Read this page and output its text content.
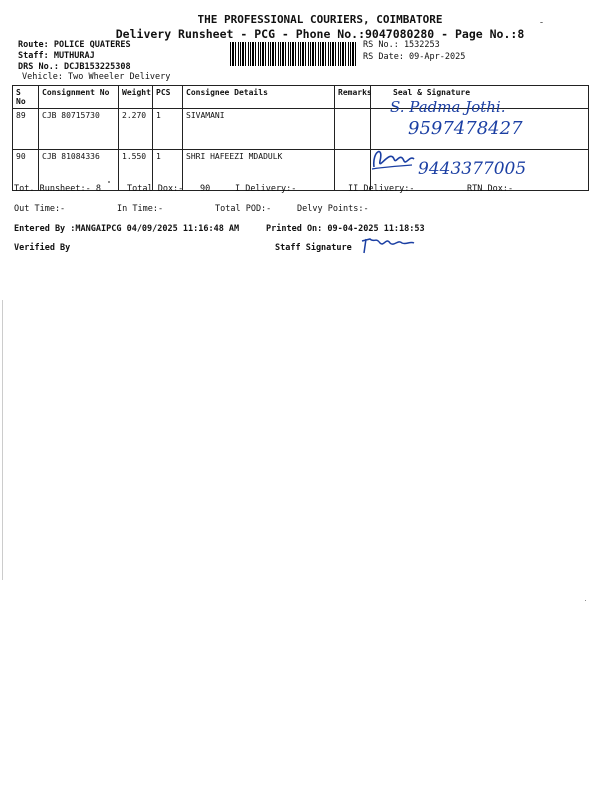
THE PROFESSIONAL COURIERS, COIMBATORE
Delivery Runsheet - PCG - Phone No.:9047080280 - Page No.:8
Route: POLICE QUATERES
Staff: MUTHURAJ
DRS No.: DCJB153225308
Vehicle: Two Wheeler Delivery
RS No.: 1532253
RS Date: 09-Apr-2025
S No	Consignment No	Weight	PCS	Consignee Details	Remarks	Seal & Signature
89	CJB 80715730	2.270	1	SIVAMANI		
90	CJB 81084336	1.550	1	SHRI HAFEEZI MDADULK		
S. Padma Jothi.
9597478427
9443377005
Tot. Runsheet:- 8	Total Dox:- 90	I Delivery:-	II Delivery:-	RTN Dox:-
Out Time:-	In Time:-	Total POD:-	Delvy Points:-
Entered By :MANGAIPCG 04/09/2025 11:16:48 AM	Printed On: 09-04-2025 11:18:53
Verified By	Staff Signature
